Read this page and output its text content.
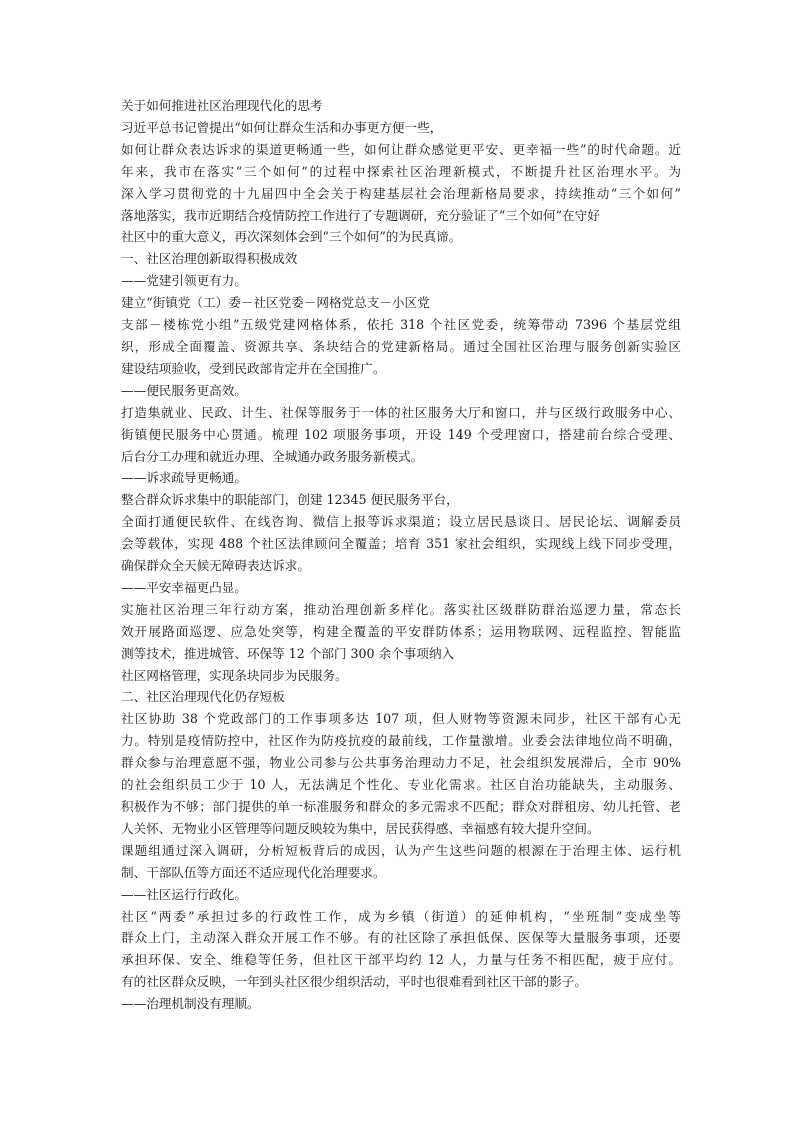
关于如何推进社区治理现代化的思考
习近平总书记曾提出“如何让群众生活和办事更方便一些，
如何让群众表达诉求的渠道更畅通一些，如何让群众感觉更平安、更幸福一些”的时代命题。近
年来，我市在落实“三个如何”的过程中探索社区治理新模式，不断提升社区治理水平。为
深入学习贯彻党的十九届四中全会关于构建基层社会治理新格局要求，持续推动“三个如何”
落地落实，我市近期结合疫情防控工作进行了专题调研，充分验证了“三个如何”在守好
社区中的重大意义，再次深刻体会到“三个如何”的为民真谛。
一、社区治理创新取得积极成效
——党建引领更有力。
建立“街镇党（工）委－社区党委－网格党总支－小区党
支部－楼栋党小组”五级党建网格体系，依托 318 个社区党委，统筹带动 7396 个基层党组
织，形成全面覆盖、资源共享、条块结合的党建新格局。通过全国社区治理与服务创新实验区
建设结项验收，受到民政部肯定并在全国推广。
——便民服务更高效。
打造集就业、民政、计生、社保等服务于一体的社区服务大厅和窗口，并与区级行政服务中心、
街镇便民服务中心贯通。梳理 102 项服务事项，开设 149 个受理窗口，搭建前台综合受理、
后台分工办理和就近办理、全城通办政务服务新模式。
——诉求疏导更畅通。
整合群众诉求集中的职能部门，创建 12345 便民服务平台，
全面打通便民软件、在线咨询、微信上报等诉求渠道；设立居民恳谈日、居民论坛、调解委员
会等载体，实现 488 个社区法律顾问全覆盖；培育 351 家社会组织，实现线上线下同步受理，
确保群众全天候无障碍表达诉求。
——平安幸福更凸显。
实施社区治理三年行动方案，推动治理创新多样化。落实社区级群防群治巡逻力量，常态长
效开展路面巡逻、应急处突等，构建全覆盖的平安群防体系；运用物联网、远程监控、智能监
测等技术，推进城管、环保等 12 个部门 300 余个事项纳入
社区网格管理，实现条块同步为民服务。
二、社区治理现代化仍存短板
社区协助 38 个党政部门的工作事项多达 107 项，但人财物等资源未同步，社区干部有心无
力。特别是疫情防控中，社区作为防疫抗疫的最前线，工作量激增。业委会法律地位尚不明确，
群众参与治理意愿不强，物业公司参与公共事务治理动力不足，社会组织发展滞后，全市 90%
的社会组织员工少于 10 人，无法满足个性化、专业化需求。社区自治功能缺失，主动服务、
积极作为不够；部门提供的单一标准服务和群众的多元需求不匹配；群众对群租房、幼儿托管、老
人关怀、无物业小区管理等问题反映较为集中，居民获得感、幸福感有较大提升空间。
课题组通过深入调研，分析短板背后的成因，认为产生这些问题的根源在于治理主体、运行机
制、干部队伍等方面还不适应现代化治理要求。
——社区运行行政化。
社区“两委”承担过多的行政性工作，成为乡镇（街道）的延伸机构，“坐班制”变成坐等
群众上门，主动深入群众开展工作不够。有的社区除了承担低保、医保等大量服务事项，还要
承担环保、安全、维稳等任务，但社区干部平均约 12 人，力量与任务不相匹配，疲于应付。
有的社区群众反映，一年到头社区很少组织活动，平时也很难看到社区干部的影子。
——治理机制没有理顺。
